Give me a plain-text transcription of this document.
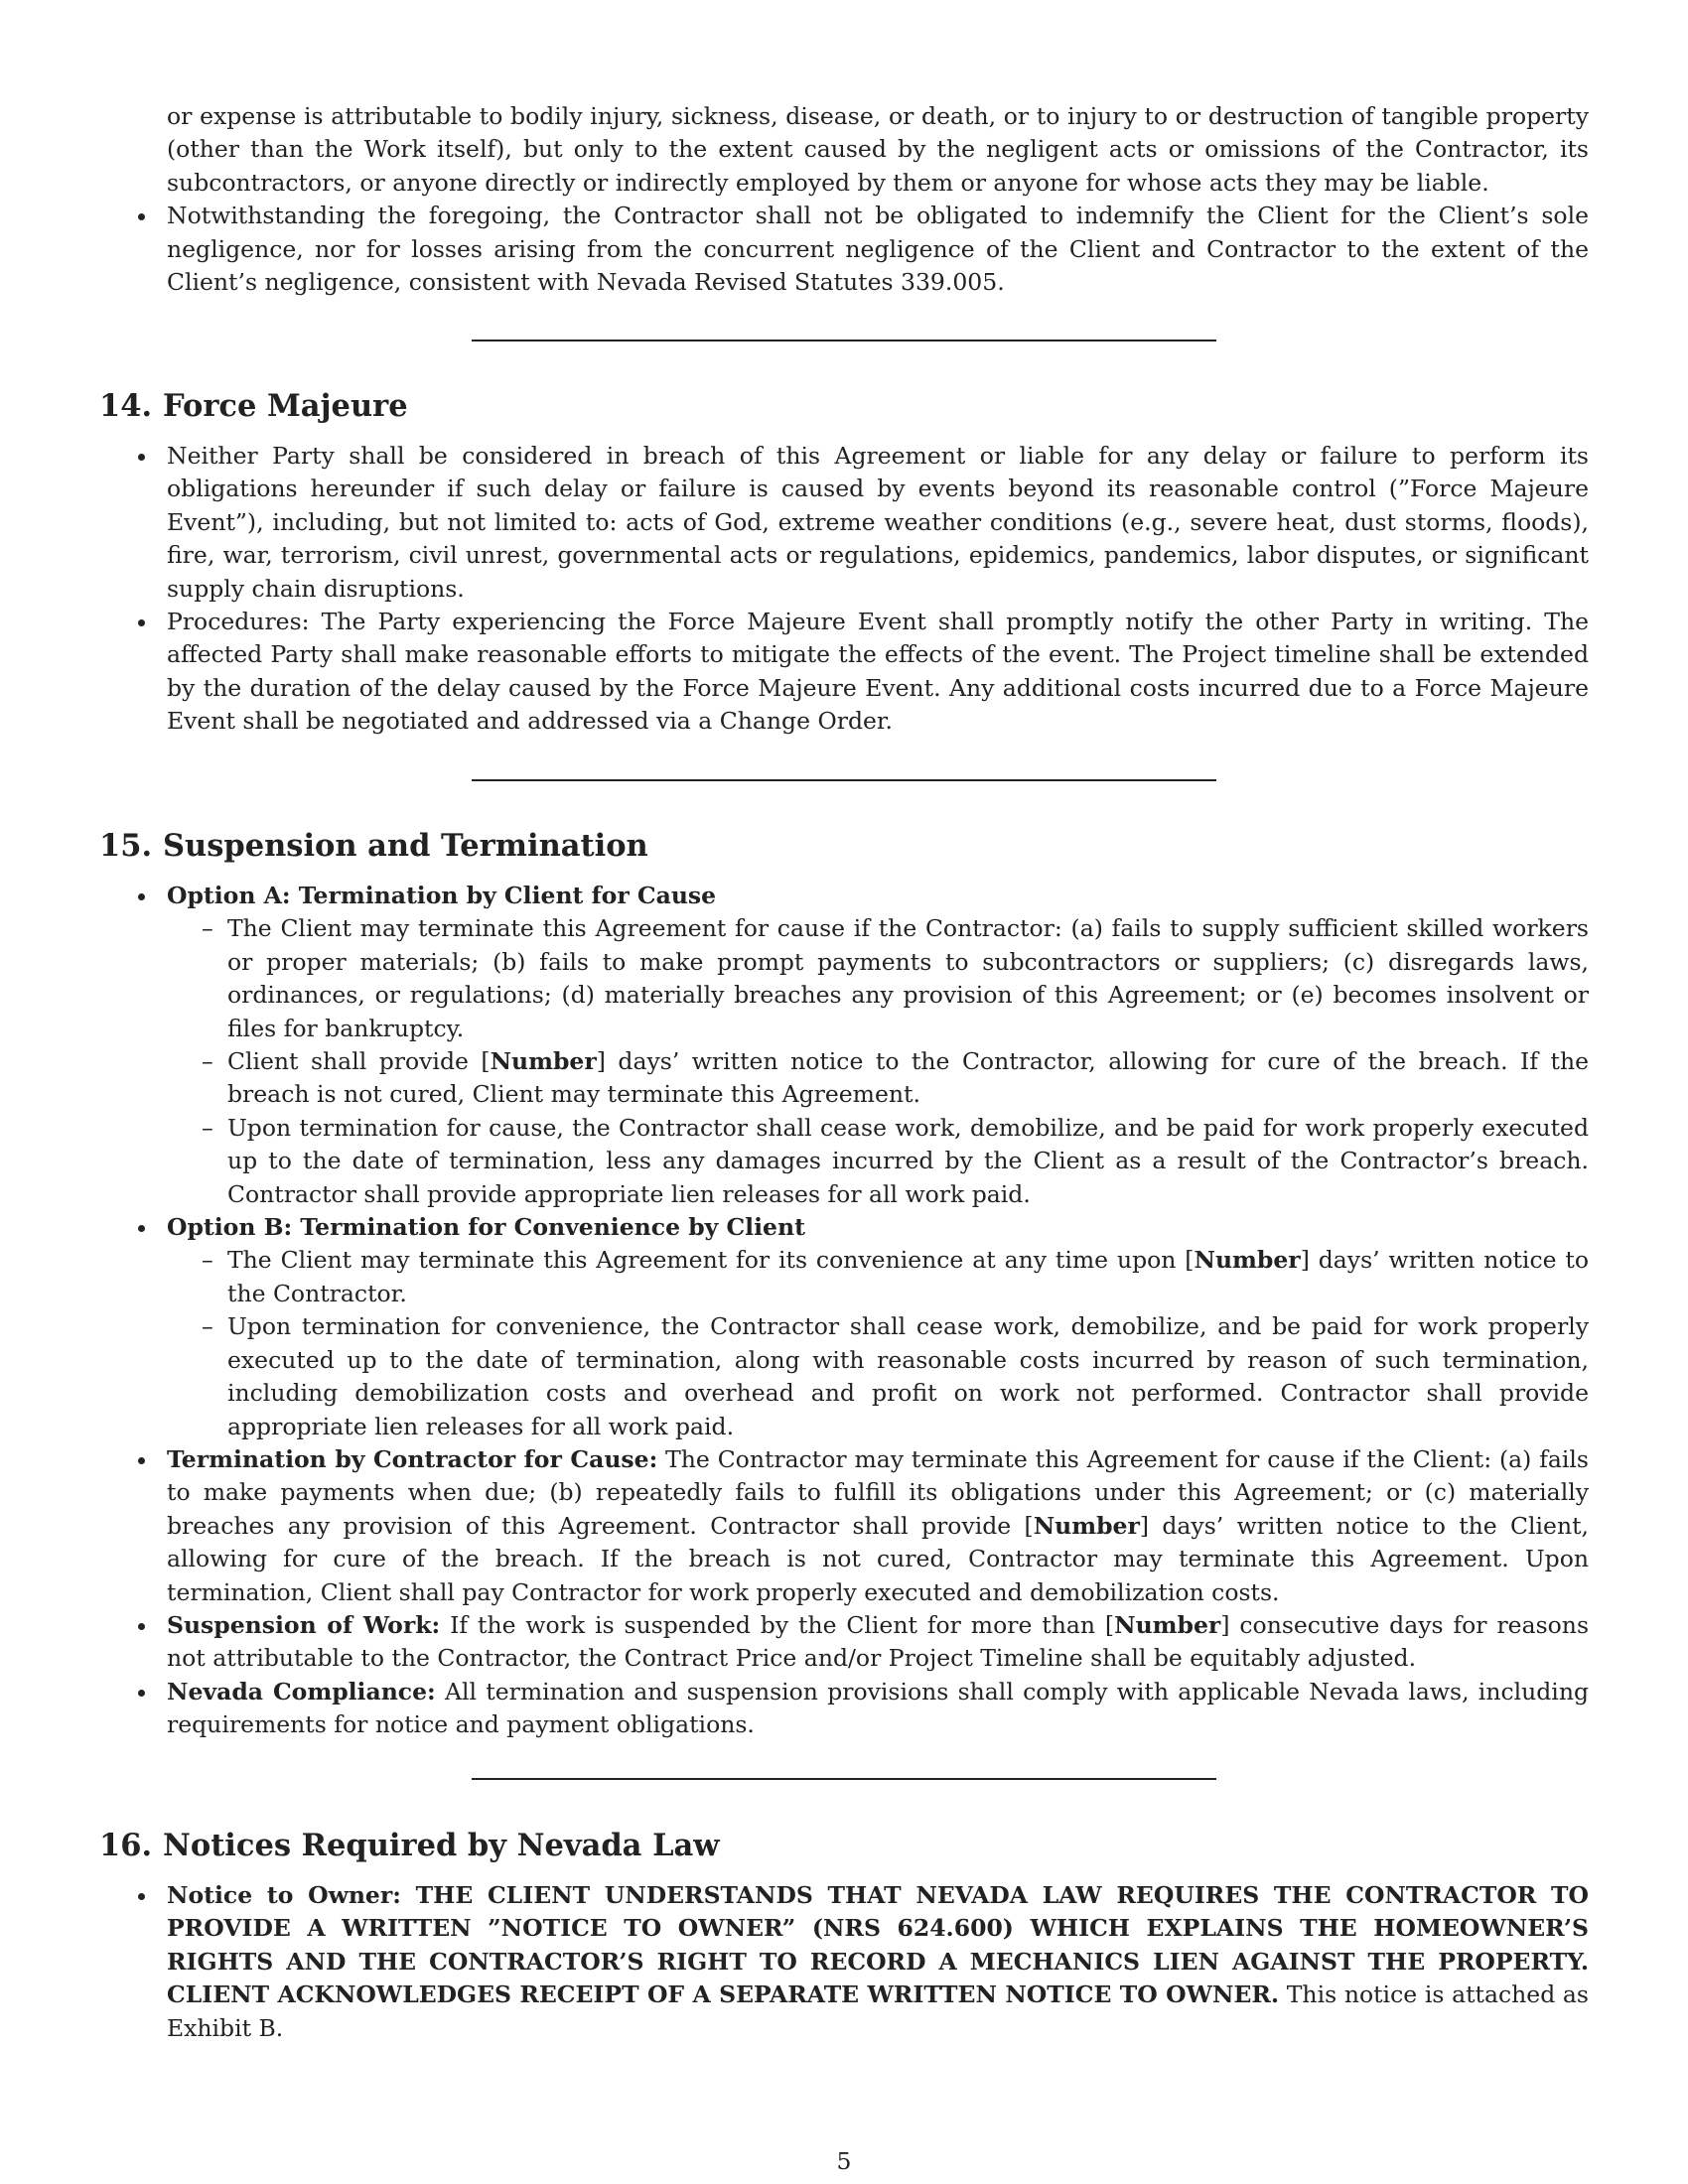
or expense is attributable to bodily injury, sickness, disease, or death, or to injury to or destruction of tangible property (other than the Work itself), but only to the extent caused by the negligent acts or omissions of the Contractor, its subcontractors, or anyone directly or indirectly employed by them or anyone for whose acts they may be liable.

Notwithstanding the foregoing, the Contractor shall not be obligated to indemnify the Client for the Client’s sole negligence, nor for losses arising from the concurrent negligence of the Client and Contractor to the extent of the Client’s negligence, consistent with Nevada Revised Statutes 339.005.
14. Force Majeure
Neither Party shall be considered in breach of this Agreement or liable for any delay or failure to perform its obligations hereunder if such delay or failure is caused by events beyond its reasonable control (”Force Majeure Event”), including, but not limited to: acts of God, extreme weather conditions (e.g., severe heat, dust storms, floods), fire, war, terrorism, civil unrest, governmental acts or regulations, epidemics, pandemics, labor disputes, or significant supply chain disruptions.
Procedures: The Party experiencing the Force Majeure Event shall promptly notify the other Party in writing. The affected Party shall make reasonable efforts to mitigate the effects of the event. The Project timeline shall be extended by the duration of the delay caused by the Force Majeure Event. Any additional costs incurred due to a Force Majeure Event shall be negotiated and addressed via a Change Order.
15. Suspension and Termination
Option A: Termination by Client for Cause
– The Client may terminate this Agreement for cause if the Contractor: (a) fails to supply sufficient skilled workers or proper materials; (b) fails to make prompt payments to subcontractors or suppliers; (c) disregards laws, ordinances, or regulations; (d) materially breaches any provision of this Agreement; or (e) becomes insolvent or files for bankruptcy.
– Client shall provide [Number] days’ written notice to the Contractor, allowing for cure of the breach. If the breach is not cured, Client may terminate this Agreement.
– Upon termination for cause, the Contractor shall cease work, demobilize, and be paid for work properly executed up to the date of termination, less any damages incurred by the Client as a result of the Contractor’s breach. Contractor shall provide appropriate lien releases for all work paid.
Option B: Termination for Convenience by Client
– The Client may terminate this Agreement for its convenience at any time upon [Number] days’ written notice to the Contractor.
– Upon termination for convenience, the Contractor shall cease work, demobilize, and be paid for work properly executed up to the date of termination, along with reasonable costs incurred by reason of such termination, including demobilization costs and overhead and profit on work not performed. Contractor shall provide appropriate lien releases for all work paid.
Termination by Contractor for Cause: The Contractor may terminate this Agreement for cause if the Client: (a) fails to make payments when due; (b) repeatedly fails to fulfill its obligations under this Agreement; or (c) materially breaches any provision of this Agreement. Contractor shall provide [Number] days’ written notice to the Client, allowing for cure of the breach. If the breach is not cured, Contractor may terminate this Agreement. Upon termination, Client shall pay Contractor for work properly executed and demobilization costs.
Suspension of Work: If the work is suspended by the Client for more than [Number] consecutive days for reasons not attributable to the Contractor, the Contract Price and/or Project Timeline shall be equitably adjusted.
Nevada Compliance: All termination and suspension provisions shall comply with applicable Nevada laws, including requirements for notice and payment obligations.
16. Notices Required by Nevada Law
Notice to Owner: THE CLIENT UNDERSTANDS THAT NEVADA LAW REQUIRES THE CONTRACTOR TO PROVIDE A WRITTEN ”NOTICE TO OWNER” (NRS 624.600) WHICH EXPLAINS THE HOMEOWNER’S RIGHTS AND THE CONTRACTOR’S RIGHT TO RECORD A MECHANICS LIEN AGAINST THE PROPERTY. CLIENT ACKNOWLEDGES RECEIPT OF A SEPARATE WRITTEN NOTICE TO OWNER. This notice is attached as Exhibit B.
5
